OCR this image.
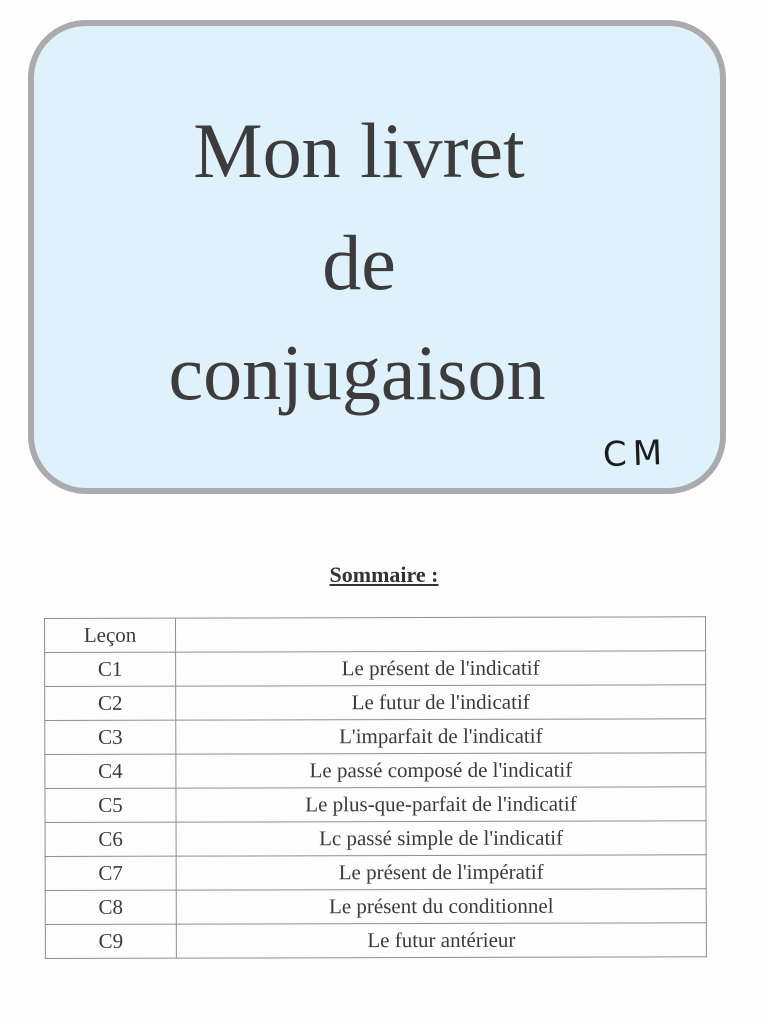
Mon livret
de
conjugaison
CM
Sommaire :
Leçon	
C1	Le présent de l'indicatif
C2	Le futur de l'indicatif
C3	L'imparfait de l'indicatif
C4	Le passé composé de l'indicatif
C5	Le plus-que-parfait de l'indicatif
C6	Lc passé simple de l'indicatif
C7	Le présent de l'impératif
C8	Le présent du conditionnel
C9	Le futur antérieur
